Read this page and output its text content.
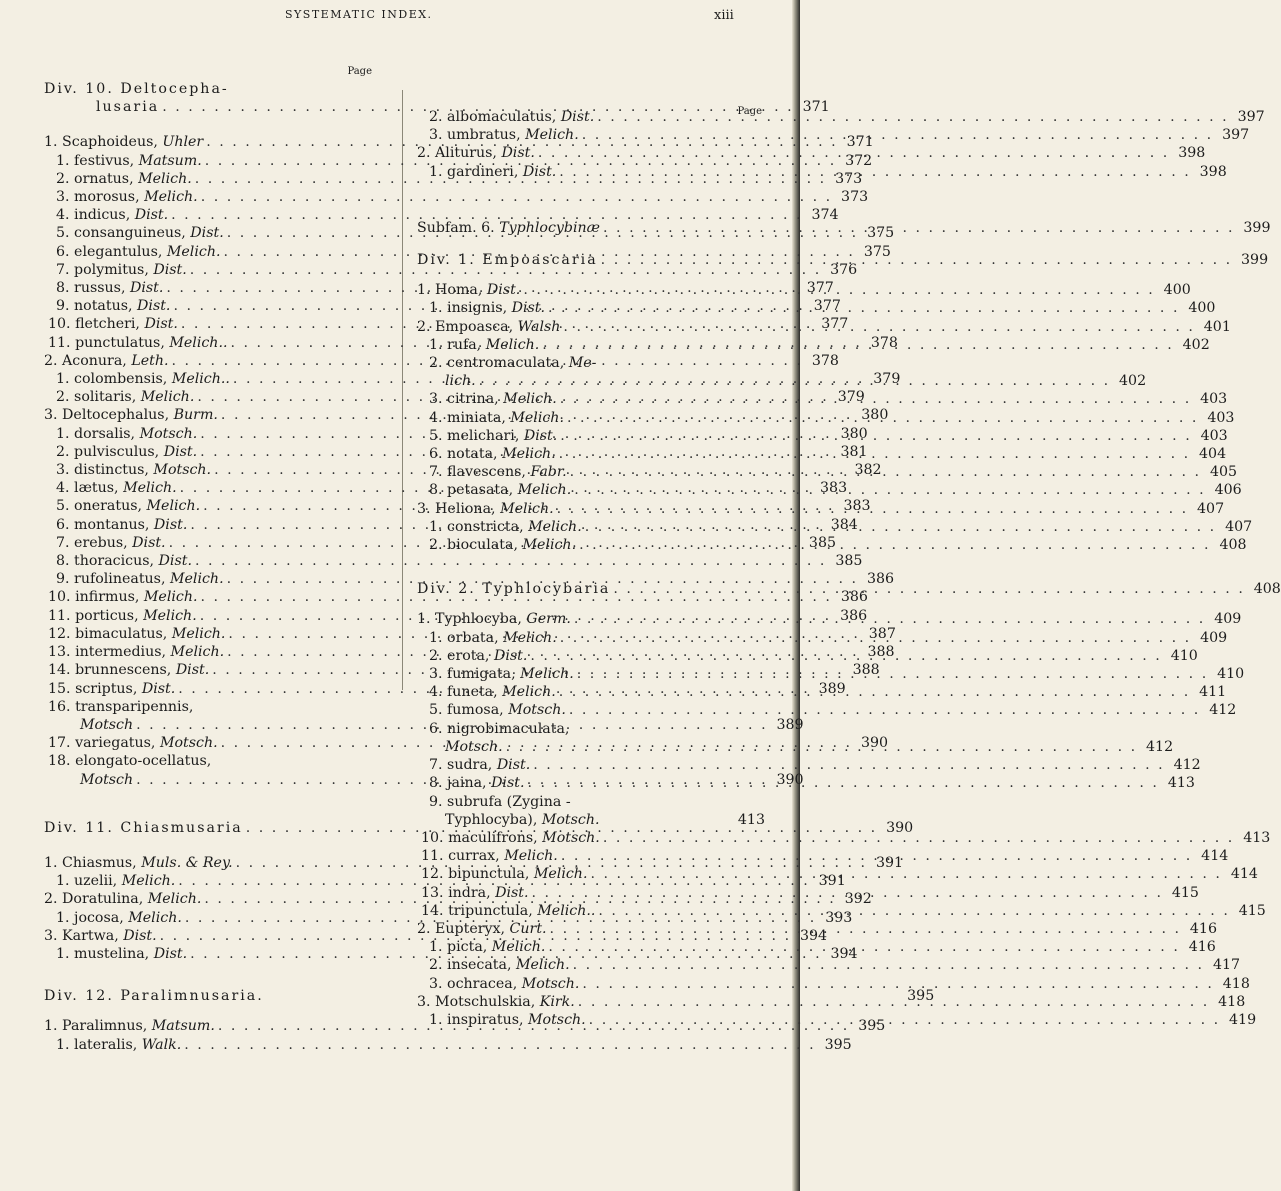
SYSTEMATIC INDEX.	xiii
Page
Div. 10. Deltocepha-
lusaria . . .	371
1. Scaphoideus, Uhler . . .	371
1. festivus, Matsum. . . .	372
2. ornatus, Melich. . . .	373
3. morosus, Melich. . . .	373
4. indicus, Dist. . . .	374
5. consanguineus, Dist. . . .	375
6. elegantulus, Melich. . . .	375
7. polymitus, Dist. . . .	376
8. russus, Dist. . . .	377
9. notatus, Dist. . . .	377
10. fletcheri, Dist. . . .	377
11. punctulatus, Melich.. . . .	378
2. Aconura, Leth. . . .	378
1. colombensis, Melich.. . . .	379
2. solitaris, Melich. . . .	379
3. Deltocephalus, Burm. . . .	380
1. dorsalis, Motsch. . . .	380
2. pulvisculus, Dist. . . .	381
3. distinctus, Motsch. . . .	382
4. lætus, Melich. . . .	383
5. oneratus, Melich. . . .	383
6. montanus, Dist. . . .	384
7. erebus, Dist. . . .	385
8. thoracicus, Dist. . . .	385
9. rufolineatus, Melich. . . .	386
10. infirmus, Melich. . . .	386
11. porticus, Melich. . . .	386
12. bimaculatus, Melich. . . .	387
13. intermedius, Melich. . . .	388
14. brunnescens, Dist. . . .	388
15. scriptus, Dist. . . .	389
16. transparipennis,
Motsch . . .	389
17. variegatus, Motsch. . . .	390
18. elongato-ocellatus,
Motsch . . .	390
Div. 11. Chiasmusaria . . .	390
1. Chiasmus, Muls. & Rey. . . .	391
1. uzelii, Melich. . . .	391
2. Doratulina, Melich. . . .	392
1. jocosa, Melich. . . .	393
3. Kartwa, Dist. . . .	394
1. mustelina, Dist. . . .	394
Div. 12. Paralimnusaria.	395
1. Paralimnus, Matsum. . . .	395
1. lateralis, Walk. . . .	395
Page
2. albomaculatus, Dist. . . .	397
3. umbratus, Melich. . . .	397
2. Aliturus, Dist. . . .	398
1. gardineri, Dist. . . .	398
Subfam. 6. Typhlocybinæ . . .	399
Div. 1. Empoascaria . . .	399
1. Homa, Dist. . . .	400
1. insignis, Dist. . . .	400
2. Empoasca, Walsh . . .	401
1. rufa, Melich. . . .	402
2. centromaculata, Me-
lich. . . .	402
3. citrina, Melich. . . .	403
4. miniata, Melich. . . .	403
5. melichari, Dist. . . .	403
6. notata, Melich. . . .	404
7. flavescens, Fabr. . . .	405
8. petasata, Melich. . . .	406
3. Heliona, Melich. . . .	407
1. constricta, Melich. . . .	407
2. bioculata, Melich. . . .	408
Div. 2. Typhlocybaria . . .	408
1. Typhlocyba, Germ. . . .	409
1. orbata, Melich. . . .	409
2. erota, Dist. . . .	410
3. fumigata, Melich. . . .	410
4. funeta, Melich. . . .	411
5. fumosa, Motsch. . . .	412
6. nigrobimaculata,
Motsch. . . .	412
7. sudra, Dist. . . .	412
8. jaina, Dist. . . .	413
9. subrufa (Zygina -
Typhlocyba), Motsch.	413
10. maculifrons, Motsch. . . .	413
11. currax, Melich. . . .	414
12. bipunctula, Melich. . . .	414
13. indra, Dist. . . .	415
14. tripunctula, Melich.. . . .	415
2. Eupteryx, Curt. . . .	416
1. picta, Melich. . . .	416
2. insecata, Melich. . . .	417
3. ochracea, Motsch. . . .	418
3. Motschulskia, Kirk. . . .	418
1. inspiratus, Motsch. . . .	419
